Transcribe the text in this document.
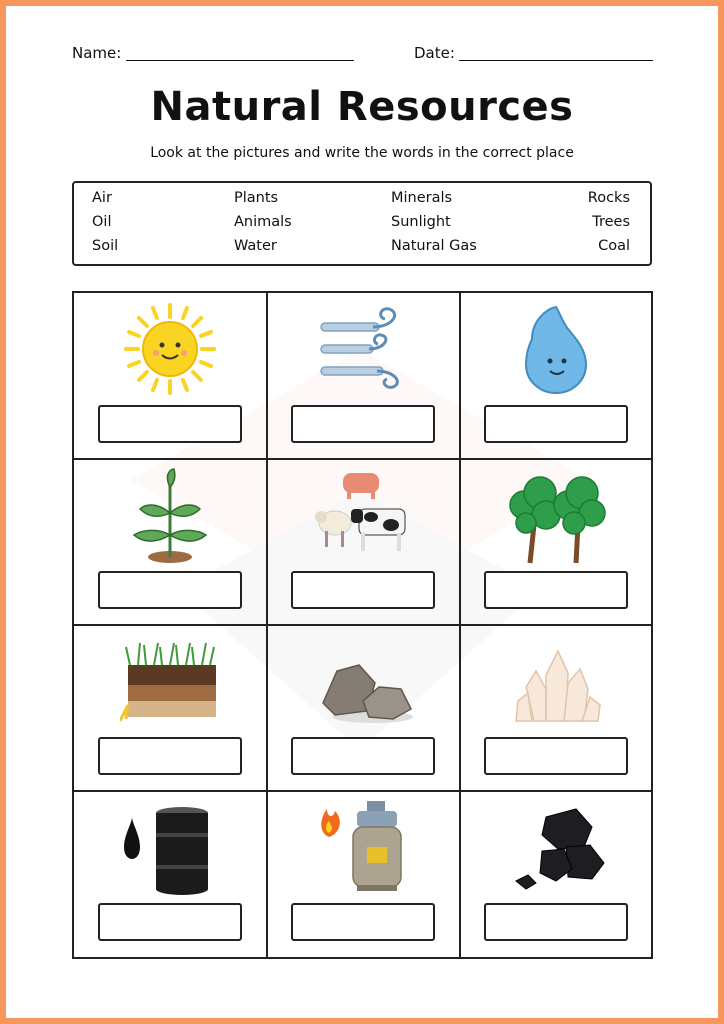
Name:	Date:
Natural Resources
Look at the pictures and write the words in the correct place
Air
Oil
Soil
Plants
Animals
Water
Minerals
Sunlight
Natural Gas
Rocks
Trees
Coal
